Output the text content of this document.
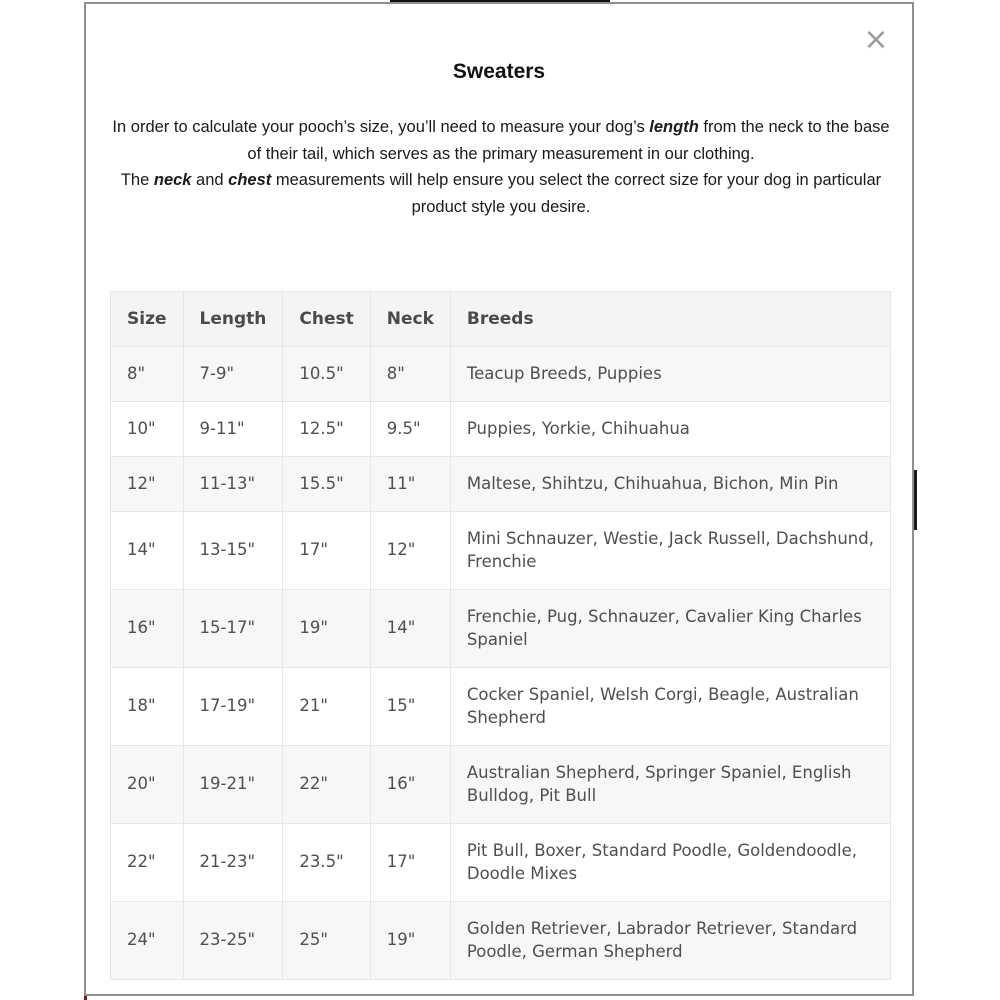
×
Sweaters

In order to calculate your pooch’s size, you’ll need to measure your dog’s length from the neck to the base of their tail, which serves as the primary measurement in our clothing.
The neck and chest measurements will help ensure you select the correct size for your dog in particular product style you desire.

Size	Length	Chest	Neck	Breeds
8"	7-9"	10.5"	8"	Teacup Breeds, Puppies
10"	9-11"	12.5"	9.5"	Puppies, Yorkie, Chihuahua
12"	11-13"	15.5"	11"	Maltese, Shihtzu, Chihuahua, Bichon, Min Pin
14"	13-15"	17"	12"	Mini Schnauzer, Westie, Jack Russell, Dachshund, Frenchie
16"	15-17"	19"	14"	Frenchie, Pug, Schnauzer, Cavalier King Charles Spaniel
18"	17-19"	21"	15"	Cocker Spaniel, Welsh Corgi, Beagle, Australian Shepherd
20"	19-21"	22"	16"	Australian Shepherd, Springer Spaniel, English Bulldog, Pit Bull
22"	21-23"	23.5"	17"	Pit Bull, Boxer, Standard Poodle, Goldendoodle, Doodle Mixes
24"	23-25"	25"	19"	Golden Retriever, Labrador Retriever, Standard Poodle, German Shepherd
